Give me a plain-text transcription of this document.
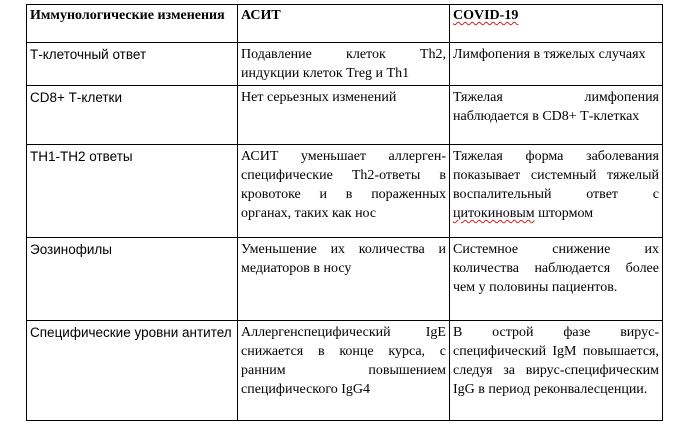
Иммунологические изменения	АСИТ	COVID-19
Т-клеточный ответ	Подавление клеток Th2, индукции клеток Treg и Th1	Лимфопения в тяжелых случаях
CD8+ Т-клетки	Нет серьезных изменений	Тяжелая лимфопения наблюдается в CD8+ Т-клетках
TH1-TH2 ответы	АСИТ уменьшает аллерген-специфические Th2-ответы в кровотоке и в пораженных органах, таких как нос	Тяжелая форма заболевания показывает системный тяжелый воспалительный ответ с цитокиновым штормом
Эозинофилы	Уменьшение их количества и медиаторов в носу	Системное снижение их количества наблюдается более чем у половины пациентов.
Специфические уровни антител	Аллергенспецифический IgE снижается в конце курса, с ранним повышением специфического IgG4	В острой фазе вирус-специфический IgM повышается, следуя за вирус-специфическим IgG в период реконвалесценции.
